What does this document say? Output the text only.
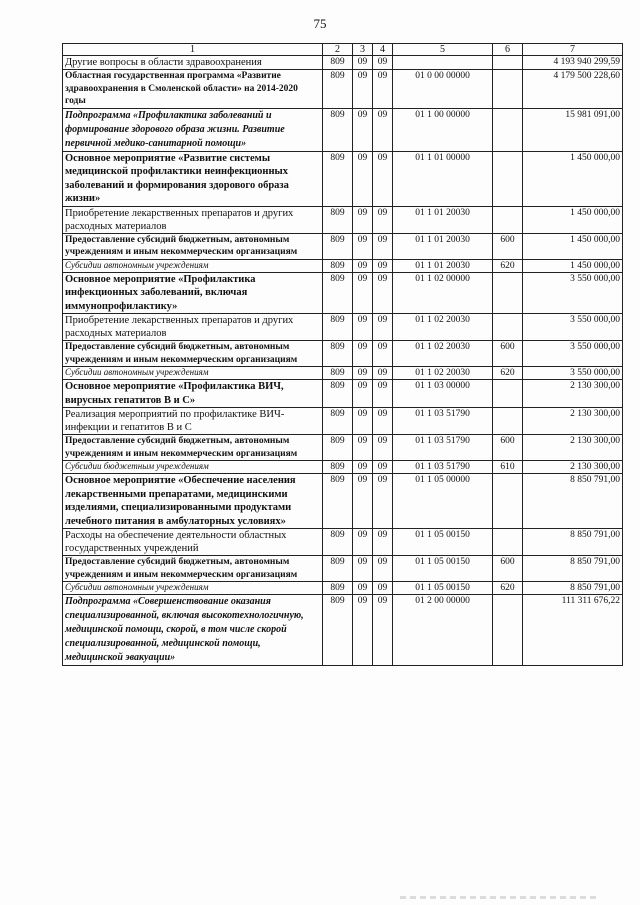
75
1	2	3	4	5	6	7
Другие вопросы в области здравоохранения	809	09	09			4 193 940 299,59
Областная государственная программа «Развитие здравоохранения в Смоленской области» на 2014-2020 годы	809	09	09	01 0 00 00000		4 179 500 228,60
Подпрограмма «Профилактика заболеваний и формирование здорового образа жизни. Развитие первичной медико-санитарной помощи»	809	09	09	01 1 00 00000		15 981 091,00
Основное мероприятие «Развитие системы медицинской профилактики неинфекционных заболеваний и формирования здорового образа жизни»	809	09	09	01 1 01 00000		1 450 000,00
Приобретение лекарственных препаратов и других расходных материалов	809	09	09	01 1 01 20030		1 450 000,00
Предоставление субсидий бюджетным, автономным учреждениям и иным некоммерческим организациям	809	09	09	01 1 01 20030	600	1 450 000,00
Субсидии автономным учреждениям	809	09	09	01 1 01 20030	620	1 450 000,00
Основное мероприятие «Профилактика инфекционных заболеваний, включая иммунопрофилактику»	809	09	09	01 1 02 00000		3 550 000,00
Приобретение лекарственных препаратов и других расходных материалов	809	09	09	01 1 02 20030		3 550 000,00
Предоставление субсидий бюджетным, автономным учреждениям и иным некоммерческим организациям	809	09	09	01 1 02 20030	600	3 550 000,00
Субсидии автономным учреждениям	809	09	09	01 1 02 20030	620	3 550 000,00
Основное мероприятие «Профилактика ВИЧ, вирусных гепатитов В и С»	809	09	09	01 1 03 00000		2 130 300,00
Реализация мероприятий по профилактике ВИЧ-инфекции и гепатитов В и С	809	09	09	01 1 03 51790		2 130 300,00
Предоставление субсидий бюджетным, автономным учреждениям и иным некоммерческим организациям	809	09	09	01 1 03 51790	600	2 130 300,00
Субсидии бюджетным учреждениям	809	09	09	01 1 03 51790	610	2 130 300,00
Основное мероприятие «Обеспечение населения лекарственными препаратами, медицинскими изделиями, специализированными продуктами лечебного питания в амбулаторных условиях»	809	09	09	01 1 05 00000		8 850 791,00
Расходы на обеспечение деятельности областных государственных учреждений	809	09	09	01 1 05 00150		8 850 791,00
Предоставление субсидий бюджетным, автономным учреждениям и иным некоммерческим организациям	809	09	09	01 1 05 00150	600	8 850 791,00
Субсидии автономным учреждениям	809	09	09	01 1 05 00150	620	8 850 791,00
Подпрограмма «Совершенствование оказания специализированной, включая высокотехнологичную, медицинской помощи, скорой, в том числе скорой специализированной, медицинской помощи, медицинской эвакуации»	809	09	09	01 2 00 00000		111 311 676,22
